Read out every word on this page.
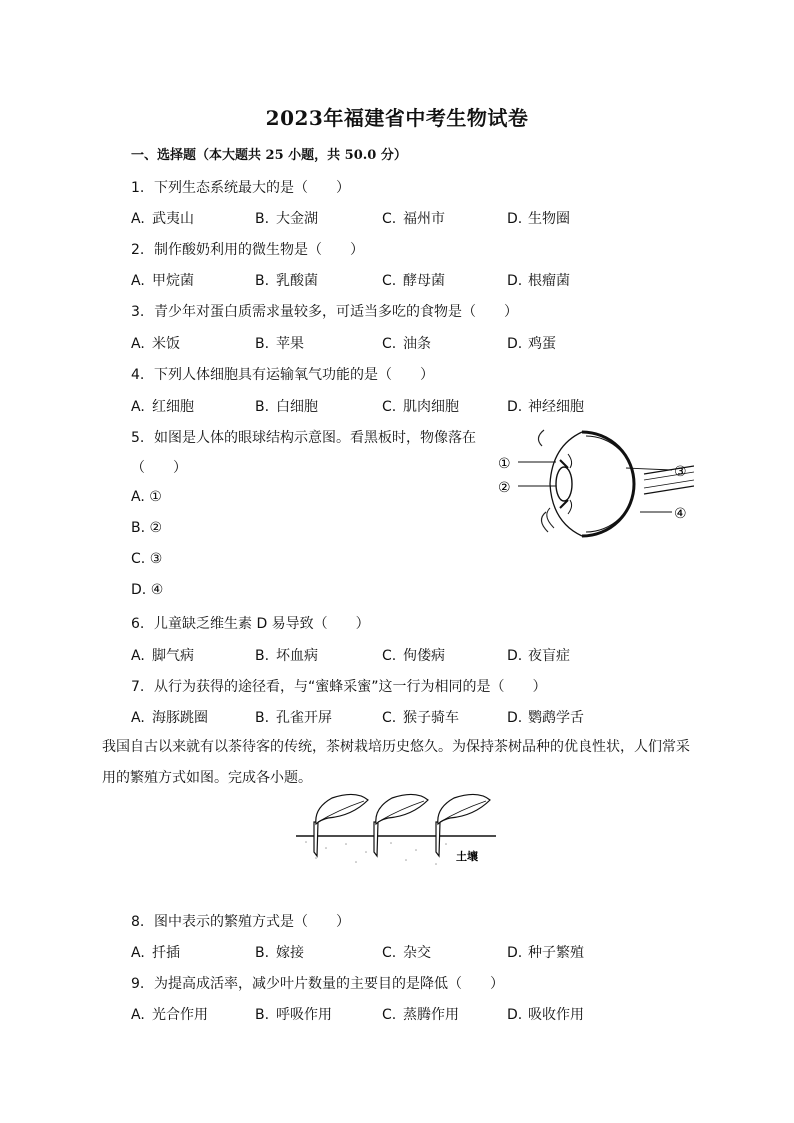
2023年福建省中考生物试卷
一、选择题（本大题共 25 小题，共 50.0 分）
1. 下列生态系统最大的是（　　）
A. 武夷山	B. 大金湖	C. 福州市	D. 生物圈
2. 制作酸奶利用的微生物是（　　）
A. 甲烷菌	B. 乳酸菌	C. 酵母菌	D. 根瘤菌
3. 青少年对蛋白质需求量较多，可适当多吃的食物是（　　）
A. 米饭	B. 苹果	C. 油条	D. 鸡蛋
4. 下列人体细胞具有运输氧气功能的是（　　）
A. 红细胞	B. 白细胞	C. 肌肉细胞	D. 神经细胞
5. 如图是人体的眼球结构示意图。看黑板时，物像落在
（　　）
A. ①
B. ②
C. ③
D. ④
①
②
③
④
6. 儿童缺乏维生素 D 易导致（　　）
A. 脚气病	B. 坏血病	C. 佝偻病	D. 夜盲症
7. 从行为获得的途径看，与“蜜蜂采蜜”这一行为相同的是（　　）
A. 海豚跳圈	B. 孔雀开屏	C. 猴子骑车	D. 鹦鹉学舌
我国自古以来就有以茶待客的传统，茶树栽培历史悠久。为保持茶树品种的优良性状，人们常采用的繁殖方式如图。完成各小题。
土壤
8. 图中表示的繁殖方式是（　　）
A. 扦插	B. 嫁接	C. 杂交	D. 种子繁殖
9. 为提高成活率，减少叶片数量的主要目的是降低（　　）
A. 光合作用	B. 呼吸作用	C. 蒸腾作用	D. 吸收作用
